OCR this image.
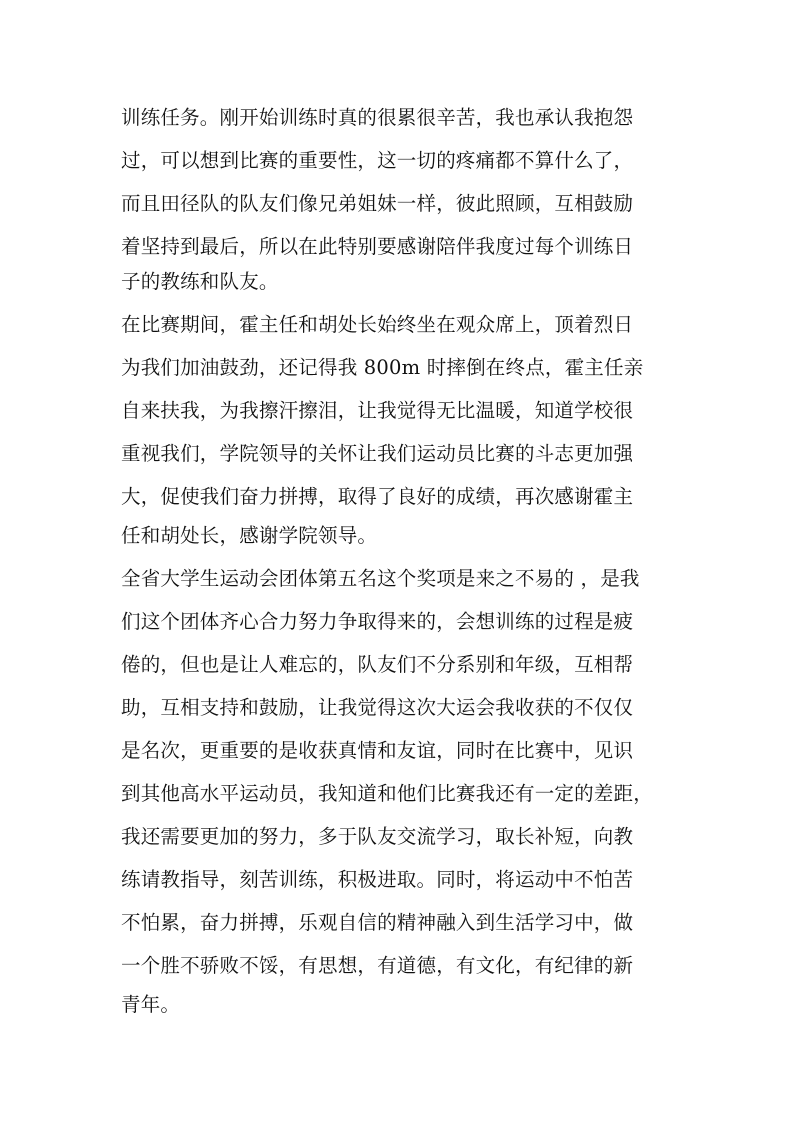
训练任务。刚开始训练时真的很累很辛苦，我也承认我抱怨
过，可以想到比赛的重要性，这一切的疼痛都不算什么了，
而且田径队的队友们像兄弟姐妹一样，彼此照顾，互相鼓励
着坚持到最后，所以在此特别要感谢陪伴我度过每个训练日
子的教练和队友。
在比赛期间，霍主任和胡处长始终坐在观众席上，顶着烈日
为我们加油鼓劲，还记得我 800m 时摔倒在终点，霍主任亲
自来扶我，为我擦汗擦泪，让我觉得无比温暖，知道学校很
重视我们，学院领导的关怀让我们运动员比赛的斗志更加强
大，促使我们奋力拼搏，取得了良好的成绩，再次感谢霍主
任和胡处长，感谢学院领导。
全省大学生运动会团体第五名这个奖项是来之不易的 ，是我
们这个团体齐心合力努力争取得来的，会想训练的过程是疲
倦的，但也是让人难忘的，队友们不分系别和年级，互相帮
助，互相支持和鼓励，让我觉得这次大运会我收获的不仅仅
是名次，更重要的是收获真情和友谊，同时在比赛中，见识
到其他高水平运动员，我知道和他们比赛我还有一定的差距，
我还需要更加的努力，多于队友交流学习，取长补短，向教
练请教指导，刻苦训练，积极进取。同时，将运动中不怕苦
不怕累，奋力拼搏，乐观自信的精神融入到生活学习中，做
一个胜不骄败不馁，有思想，有道德，有文化，有纪律的新
青年。
